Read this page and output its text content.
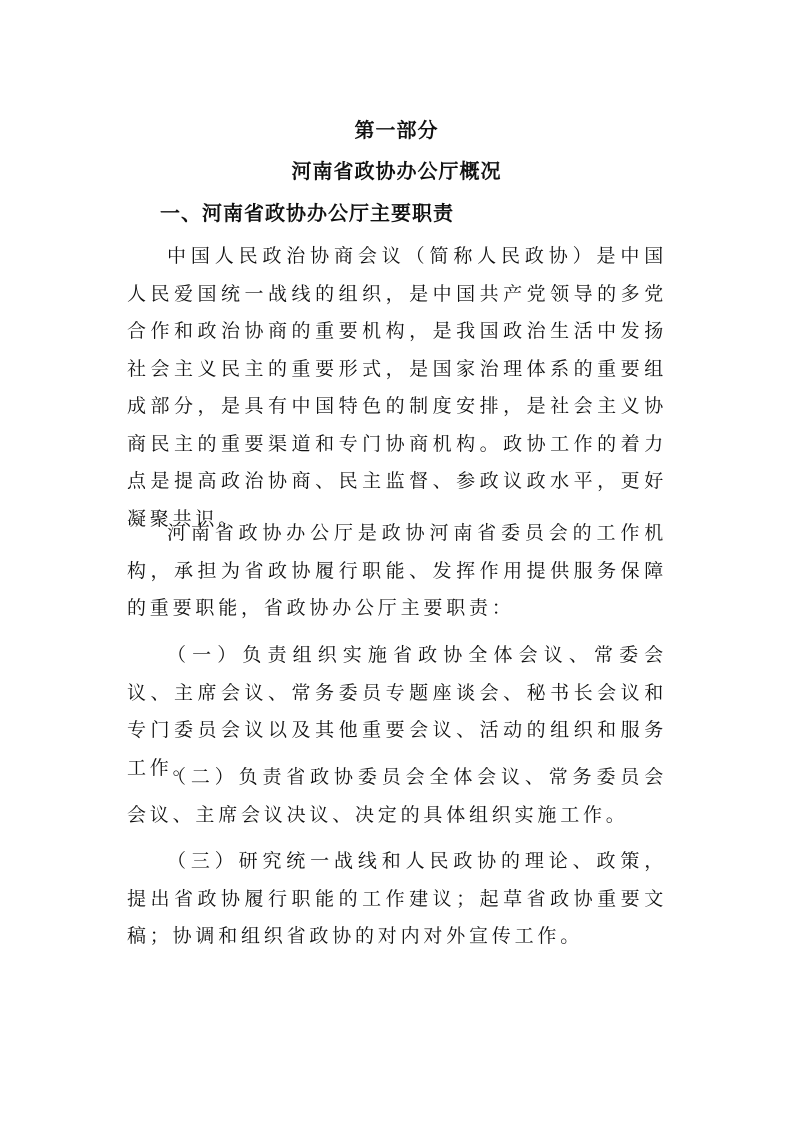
第一部分
河南省政协办公厅概况
一、河南省政协办公厅主要职责

中国人民政治协商会议（简称人民政协）是中国人民爱国统一战线的组织，是中国共产党领导的多党合作和政治协商的重要机构，是我国政治生活中发扬社会主义民主的重要形式，是国家治理体系的重要组成部分，是具有中国特色的制度安排，是社会主义协商民主的重要渠道和专门协商机构。政协工作的着力点是提高政治协商、民主监督、参政议政水平，更好凝聚共识。

河南省政协办公厅是政协河南省委员会的工作机构，承担为省政协履行职能、发挥作用提供服务保障的重要职能，省政协办公厅主要职责：

（一）负责组织实施省政协全体会议、常委会议、主席会议、常务委员专题座谈会、秘书长会议和专门委员会议以及其他重要会议、活动的组织和服务工作。

（二）负责省政协委员会全体会议、常务委员会会议、主席会议决议、决定的具体组织实施工作。

（三）研究统一战线和人民政协的理论、政策，提出省政协履行职能的工作建议；起草省政协重要文稿；协调和组织省政协的对内对外宣传工作。
